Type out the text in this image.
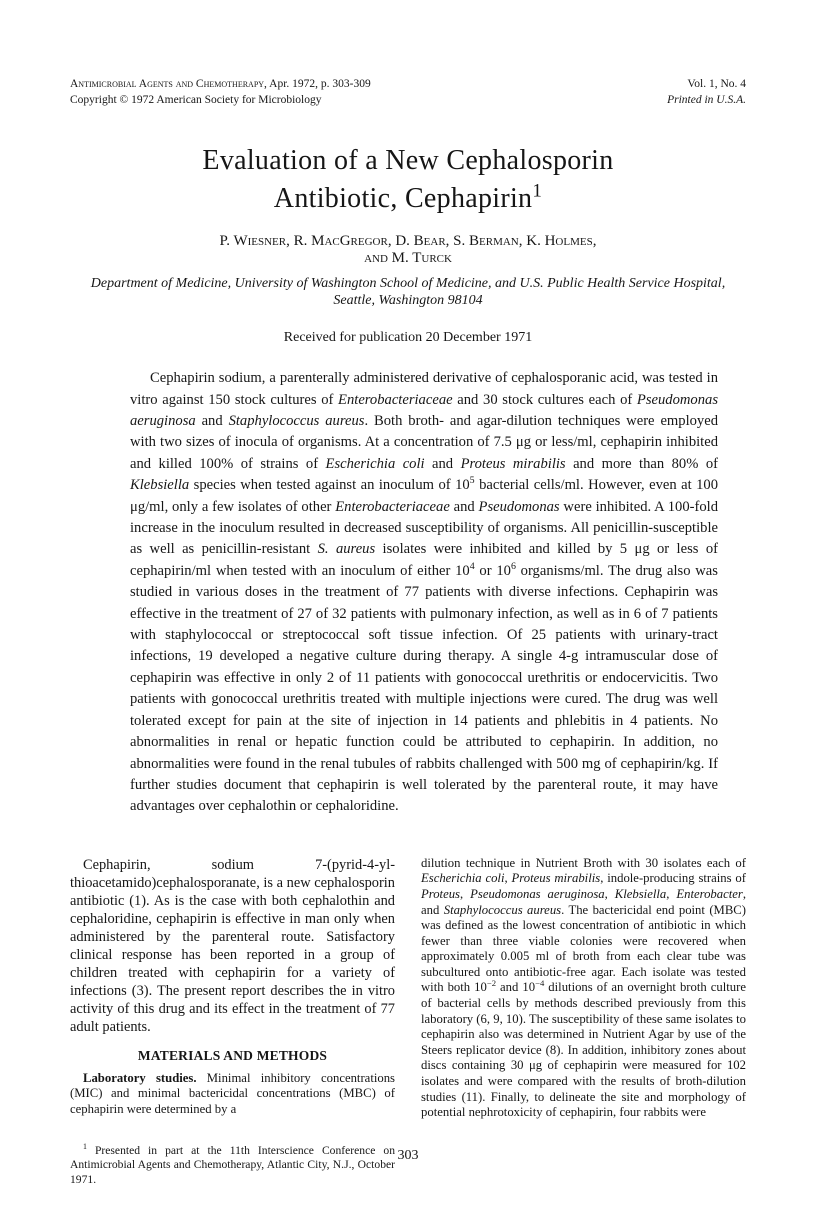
Antimicrobial Agents and Chemotherapy, Apr. 1972, p. 303-309
Copyright © 1972 American Society for Microbiology
Vol. 1, No. 4
Printed in U.S.A.
Evaluation of a New Cephalosporin
Antibiotic, Cephapirin$^1$
P. Wiesner, R. MacGregor, D. Bear, S. Berman, K. Holmes,
and M. Turck
Department of Medicine, University of Washington School of Medicine, and U.S. Public Health Service Hospital,
Seattle, Washington 98104
Received for publication 20 December 1971

Cephapirin sodium, a parenterally administered derivative of cephalosporanic acid, was tested in vitro against 150 stock cultures of Enterobacteriaceae and 30 stock cultures each of Pseudomonas aeruginosa and Staphylococcus aureus. Both broth- and agar-dilution techniques were employed with two sizes of inocula of organisms. At a concentration of 7.5 μg or less/ml, cephapirin inhibited and killed 100% of strains of Escherichia coli and Proteus mirabilis and more than 80% of Klebsiella species when tested against an inoculum of $10^5$ bacterial cells/ml. However, even at 100 μg/ml, only a few isolates of other Enterobacteriaceae and Pseudomonas were inhibited. A 100-fold increase in the inoculum resulted in decreased susceptibility of organisms. All penicillin-susceptible as well as penicillin-resistant S. aureus isolates were inhibited and killed by 5 μg or less of cephapirin/ml when tested with an inoculum of either $10^4$ or $10^6$ organisms/ml. The drug also was studied in various doses in the treatment of 77 patients with diverse infections. Cephapirin was effective in the treatment of 27 of 32 patients with pulmonary infection, as well as in 6 of 7 patients with staphylococcal or streptococcal soft tissue infection. Of 25 patients with urinary-tract infections, 19 developed a negative culture during therapy. A single 4-g intramuscular dose of cephapirin was effective in only 2 of 11 patients with gonococcal urethritis or endocervicitis. Two patients with gonococcal urethritis treated with multiple injections were cured. The drug was well tolerated except for pain at the site of injection in 14 patients and phlebitis in 4 patients. No abnormalities in renal or hepatic function could be attributed to cephapirin. In addition, no abnormalities were found in the renal tubules of rabbits challenged with 500 mg of cephapirin/kg. If further studies document that cephapirin is well tolerated by the parenteral route, it may have advantages over cephalothin or cephaloridine.

Cephapirin, sodium 7-(pyrid-4-yl-thioacetamido)cephalosporanate, is a new cephalosporin antibiotic (1). As is the case with both cephalothin and cephaloridine, cephapirin is effective in man only when administered by the parenteral route. Satisfactory clinical response has been reported in a group of children treated with cephapirin for a variety of infections (3). The present report describes the in vitro activity of this drug and its effect in the treatment of 77 adult patients.

MATERIALS AND METHODS

Laboratory studies. Minimal inhibitory concentrations (MIC) and minimal bactericidal concentrations (MBC) of cephapirin were determined by a

$^1$ Presented in part at the 11th Interscience Conference on Antimicrobial Agents and Chemotherapy, Atlantic City, N.J., October 1971.

dilution technique in Nutrient Broth with 30 isolates each of Escherichia coli, Proteus mirabilis, indole-producing strains of Proteus, Pseudomonas aeruginosa, Klebsiella, Enterobacter, and Staphylococcus aureus. The bactericidal end point (MBC) was defined as the lowest concentration of antibiotic in which fewer than three viable colonies were recovered when approximately 0.005 ml of broth from each clear tube was subcultured onto antibiotic-free agar. Each isolate was tested with both $10^{-2}$ and $10^{-4}$ dilutions of an overnight broth culture of bacterial cells by methods described previously from this laboratory (6, 9, 10). The susceptibility of these same isolates to cephapirin also was determined in Nutrient Agar by use of the Steers replicator device (8). In addition, inhibitory zones about discs containing 30 μg of cephapirin were measured for 102 isolates and were compared with the results of broth-dilution studies (11). Finally, to delineate the site and morphology of potential nephrotoxicity of cephapirin, four rabbits were

303
